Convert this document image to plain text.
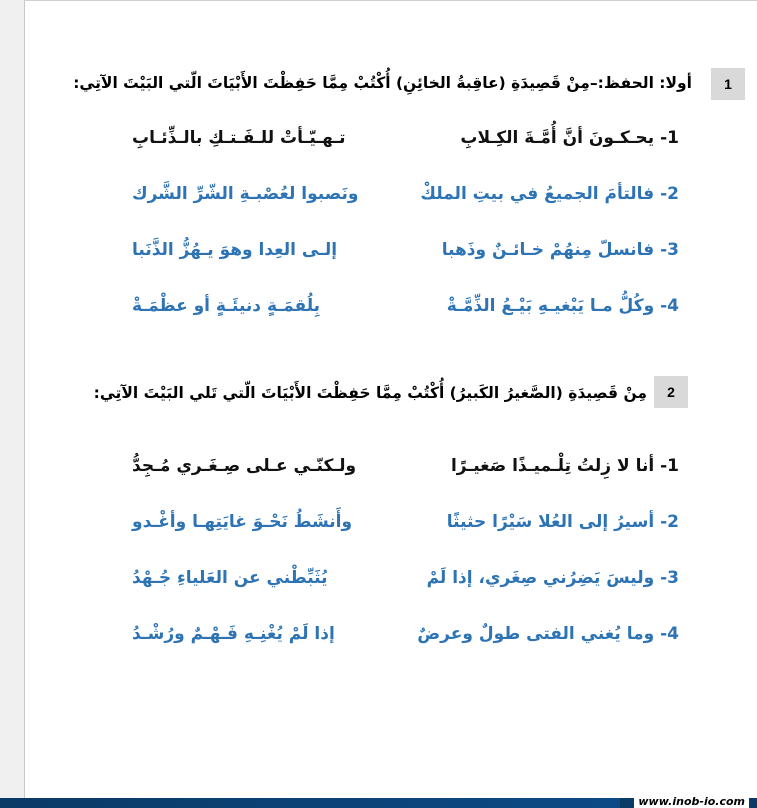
1
أولا: الحفظ:–مِنْ قَصِيدَةِ (عاقِبةُ الخائِنِ) أُكْتُبْ مِمَّا حَفِظْتَ الأَبْيَاتَ الّتي البَيْتَ الآتِي:
1- يحـكـونَ أنَّ أُمَّـةَ الكِـلابِ
تـهـيّـأتْ للـفَـتـكِ بالـذِّئـابِ
2- فالتأمَ الجميعُ في بيتِ الملكْ
ونَصبوا لعُصْبـةِ الشّرِّ الشَّرك
3- فانسلّ مِنهُمْ خـائـنٌ وذَهبا
إلـى العِدا وهوَ يـهُزُّ الذَّنَبا
4- وكُلُّ مـا يَبْغيـهِ بَيْـعُ الذِّمَّـةْ
بِلُقمَـةٍ دنيئَـةٍ أو عظْمَـةْ
2
مِنْ قَصِيدَةِ (الصَّغيرُ الكَبيرُ) أُكْتُبْ مِمَّا حَفِظْتَ الأَبْيَاتَ الّتي تَلي البَيْتَ الآتِي:
1- أنا لا زِلتُ تِلْـميـذًا صَغيـرًا
ولـكنّـي عـلى صِـغَـري مُـجِدُّ
2- أسيرُ إلى العُلا سَيْرًا حثيثًا
وأَنشَطُ نَحْـوَ غايَتِهـا وأغْـدو
3- وليسَ يَضِرُني صِغَري، إذا لَمْ
يُثَبِّطْني عن العَلياءِ جُـهْدُ
4- وما يُغني الفتى طولٌ وعرضٌ
إذا لَمْ يُغْنِـهِ فَـهْـمٌ ورُشْـدُ
www.inob-io.com
